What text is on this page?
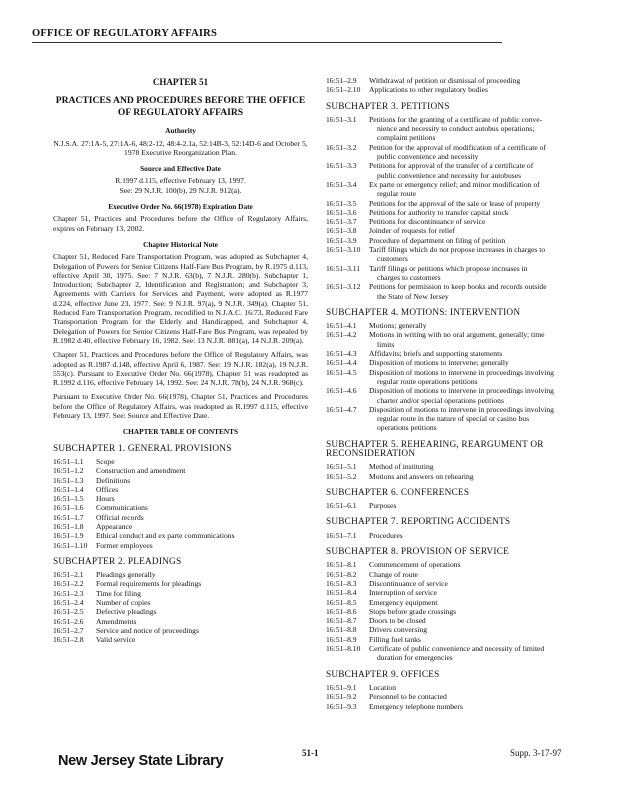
OFFICE OF REGULATORY AFFAIRS
CHAPTER 51
PRACTICES AND PROCEDURES BEFORE THE OFFICE OF REGULATORY AFFAIRS
Authority
N.J.S.A. 27:1A-5, 27:1A-6, 48:2-12, 48:4-2.1a, 52:14B-3, 52:14D-6 and October 5, 1978 Executive Reorganization Plan.
Source and Effective Date
R.1997 d.115, effective February 13, 1997.
See: 29 N.J.R. 100(b), 29 N.J.R. 912(a).
Executive Order No. 66(1978) Expiration Date

Chapter 51, Practices and Procedures before the Office of Regulatory Affairs, expires on February 13, 2002.

Chapter Historical Note

Chapter 51, Reduced Fare Transportation Program, was adopted as Subchapter 4, Delegation of Powers for Senior Citizens Half-Fare Bus Program, by R.1975 d.113, effective April 30, 1975. See: 7 N.J.R. 63(b), 7 N.J.R. 280(b). Subchapter 1, Introduction; Subchapter 2, Identification and Registration; and Subchapter 3, Agreements with Carriers for Services and Payment, were adopted as R.1977 d.224, effective June 23, 1977. See: 9 N.J.R. 97(a), 9 N.J.R. 349(a). Chapter 51, Reduced Fare Transportation Program, recodified to N.J.A.C. 16:73, Reduced Fare Transportation Program for the Elderly and Handicapped, and Subchapter 4, Delegation of Powers for Senior Citizens Half-Fare Bus Program, was repealed by R.1982 d.40, effective February 16, 1982. See: 13 N.J.R. 881(a), 14 N.J.R. 209(a).

Chapter 51, Practices and Procedures before the Office of Regulatory Affairs, was adopted as R.1987 d.148, effective April 6, 1987. See: 19 N.J.R. 182(a), 19 N.J.R. 553(c). Pursuant to Executive Order No. 66(1978), Chapter 51 was readopted as R.1992 d.116, effective February 14, 1992. See: 24 N.J.R. 78(b), 24 N.J.R. 968(c).

Pursuant to Executive Order No. 66(1978), Chapter 51, Practices and Procedures before the Office of Regulatory Affairs, was readopted as R.1997 d.115, effective February 13, 1997. See: Source and Effective Date.

CHAPTER TABLE OF CONTENTS
SUBCHAPTER 1. GENERAL PROVISIONS
16:51–1.1	Scope
16:51–1.2	Construction and amendment
16:51–1.3	Definitions
16:51–1.4	Offices
16:51–1.5	Hours
16:51–1.6	Communications
16:51–1.7	Official records
16:51–1.8	Appearance
16:51–1.9	Ethical conduct and ex parte communications
16:51–1.10	Former employees
SUBCHAPTER 2. PLEADINGS
16:51–2.1	Pleadings generally
16:51–2.2	Formal requirements for pleadings
16:51–2.3	Time for filing
16:51–2.4	Number of copies
16:51–2.5	Defective pleadings
16:51–2.6	Amendments
16:51–2.7	Service and notice of proceedings
16:51–2.8	Valid service
16:51–2.9	Withdrawal of petition or dismissal of proceeding
16:51–2.10	Applications to other regulatory bodies
SUBCHAPTER 3. PETITIONS
16:51–3.1	Petitions for the granting of a certificate of public conve-
nience and necessity to conduct autobus operations;
complaint petitions
16:51–3.2	Petition for the approval of modification of a certificate of
public convenience and necessity
16:51–3.3	Petitions for approval of the transfer of a certificate of
public convenience and necessity for autobuses
16:51–3.4	Ex parte or emergency relief; and minor modification of
regular route
16:51–3.5	Petitions for the approval of the sale or lease of property
16:51–3.6	Petitions for authority to transfer capital stock
16:51–3.7	Petitions for discontinuance of service
16:51–3.8	Joinder of requests for relief
16:51–3.9	Procedure of department on filing of petition
16:51–3.10	Tariff filings which do not propose increases in charges to
customers
16:51–3.11	Tariff filings or petitions which propose increases in
charges to customers
16:51–3.12	Petitions for permission to keep books and records outside
the State of New Jersey
SUBCHAPTER 4. MOTIONS: INTERVENTION
16:51–4.1	Motions; generally
16:51–4.2	Motions in writing with no oral argument, generally; time
limits
16:51–4.3	Affidavits; briefs and supporting statements
16:51–4.4	Disposition of motions to intervene; generally
16:51–4.5	Disposition of motions to intervene in proceedings involving
regular route operations petitions
16:51–4.6	Disposition of motions to intervene in proceedings involving
charter and/or special operations petitions
16:51–4.7	Disposition of motions to intervene in proceedings involving
regular route in the nature of special or casino bus
operations petitions
SUBCHAPTER 5. REHEARING, REARGUMENT OR RECONSIDERATION
16:51–5.1	Method of instituting
16:51–5.2	Motions and answers on rehearing
SUBCHAPTER 6. CONFERENCES
16:51–6.1	Purposes
SUBCHAPTER 7. REPORTING ACCIDENTS
16:51–7.1	Procedures
SUBCHAPTER 8. PROVISION OF SERVICE
16:51–8.1	Commencement of operations
16:51–8.2	Change of route
16:51–8.3	Discontinuance of service
16:51–8.4	Interruption of service
16:51–8.5	Emergency equipment
16:51–8.6	Stops before grade crossings
16:51–8.7	Doors to be closed
16:51–8.8	Drivers conversing
16:51–8.9	Filling fuel tanks
16:51–8.10	Certificate of public convenience and necessity of limited
duration for emergencies
SUBCHAPTER 9. OFFICES
16:51–9.1	Location
16:51–9.2	Personnel to be contacted
16:51–9.3	Emergency telephone numbers
New Jersey State Library	51-1	Supp. 3-17-97
